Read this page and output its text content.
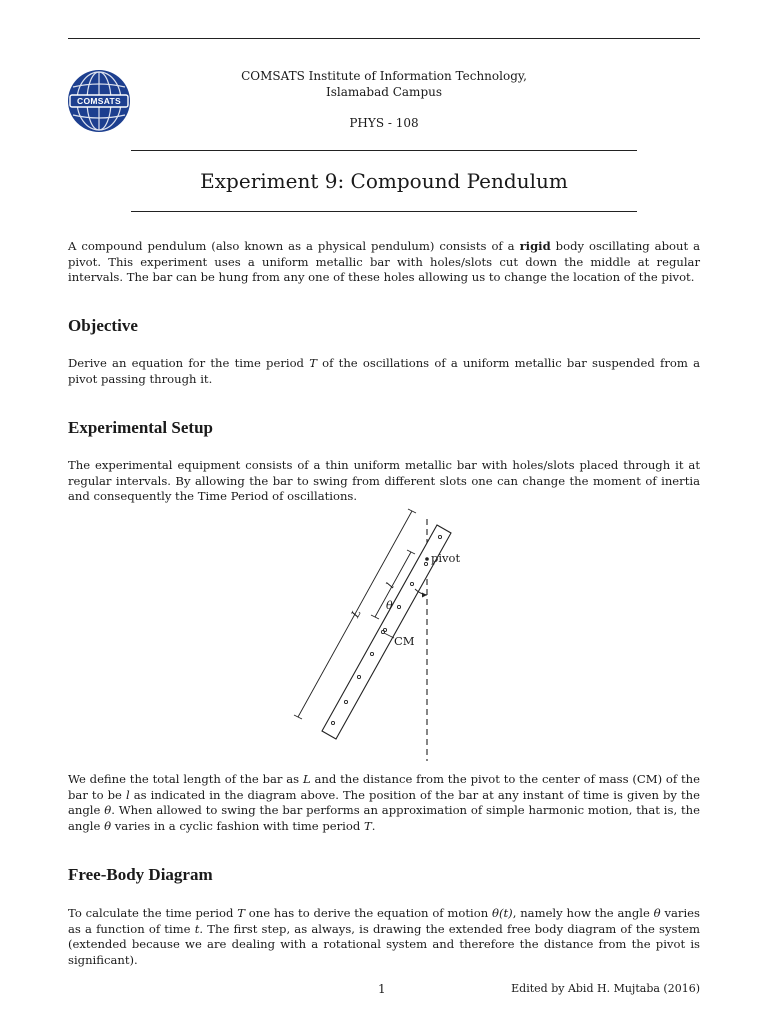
COMSATS
COMSATS Institute of Information Technology,
Islamabad Campus
PHYS - 108
Experiment 9: Compound Pendulum
A compound pendulum (also known as a physical pendulum) consists of a rigid body oscillating about a pivot. This experiment uses a uniform metallic bar with holes/slots cut down the middle at regular intervals. The bar can be hung from any one of these holes allowing us to change the location of the pivot.
Objective
Derive an equation for the time period T of the oscillations of a uniform metallic bar suspended from a pivot passing through it.
Experimental Setup
The experimental equipment consists of a thin uniform metallic bar with holes/slots placed through it at regular intervals. By allowing the bar to swing from different slots one can change the moment of inertia and consequently the Time Period of oscillations.
pivot
CM
θ
L
l
We define the total length of the bar as L and the distance from the pivot to the center of mass (CM) of the bar to be l as indicated in the diagram above. The position of the bar at any instant of time is given by the angle θ. When allowed to swing the bar performs an approximation of simple harmonic motion, that is, the angle θ varies in a cyclic fashion with time period T.
Free-Body Diagram
To calculate the time period T one has to derive the equation of motion θ(t), namely how the angle θ varies as a function of time t. The first step, as always, is drawing the extended free body diagram of the system (extended because we are dealing with a rotational system and therefore the distance from the pivot is significant).
1	Edited by Abid H. Mujtaba (2016)
